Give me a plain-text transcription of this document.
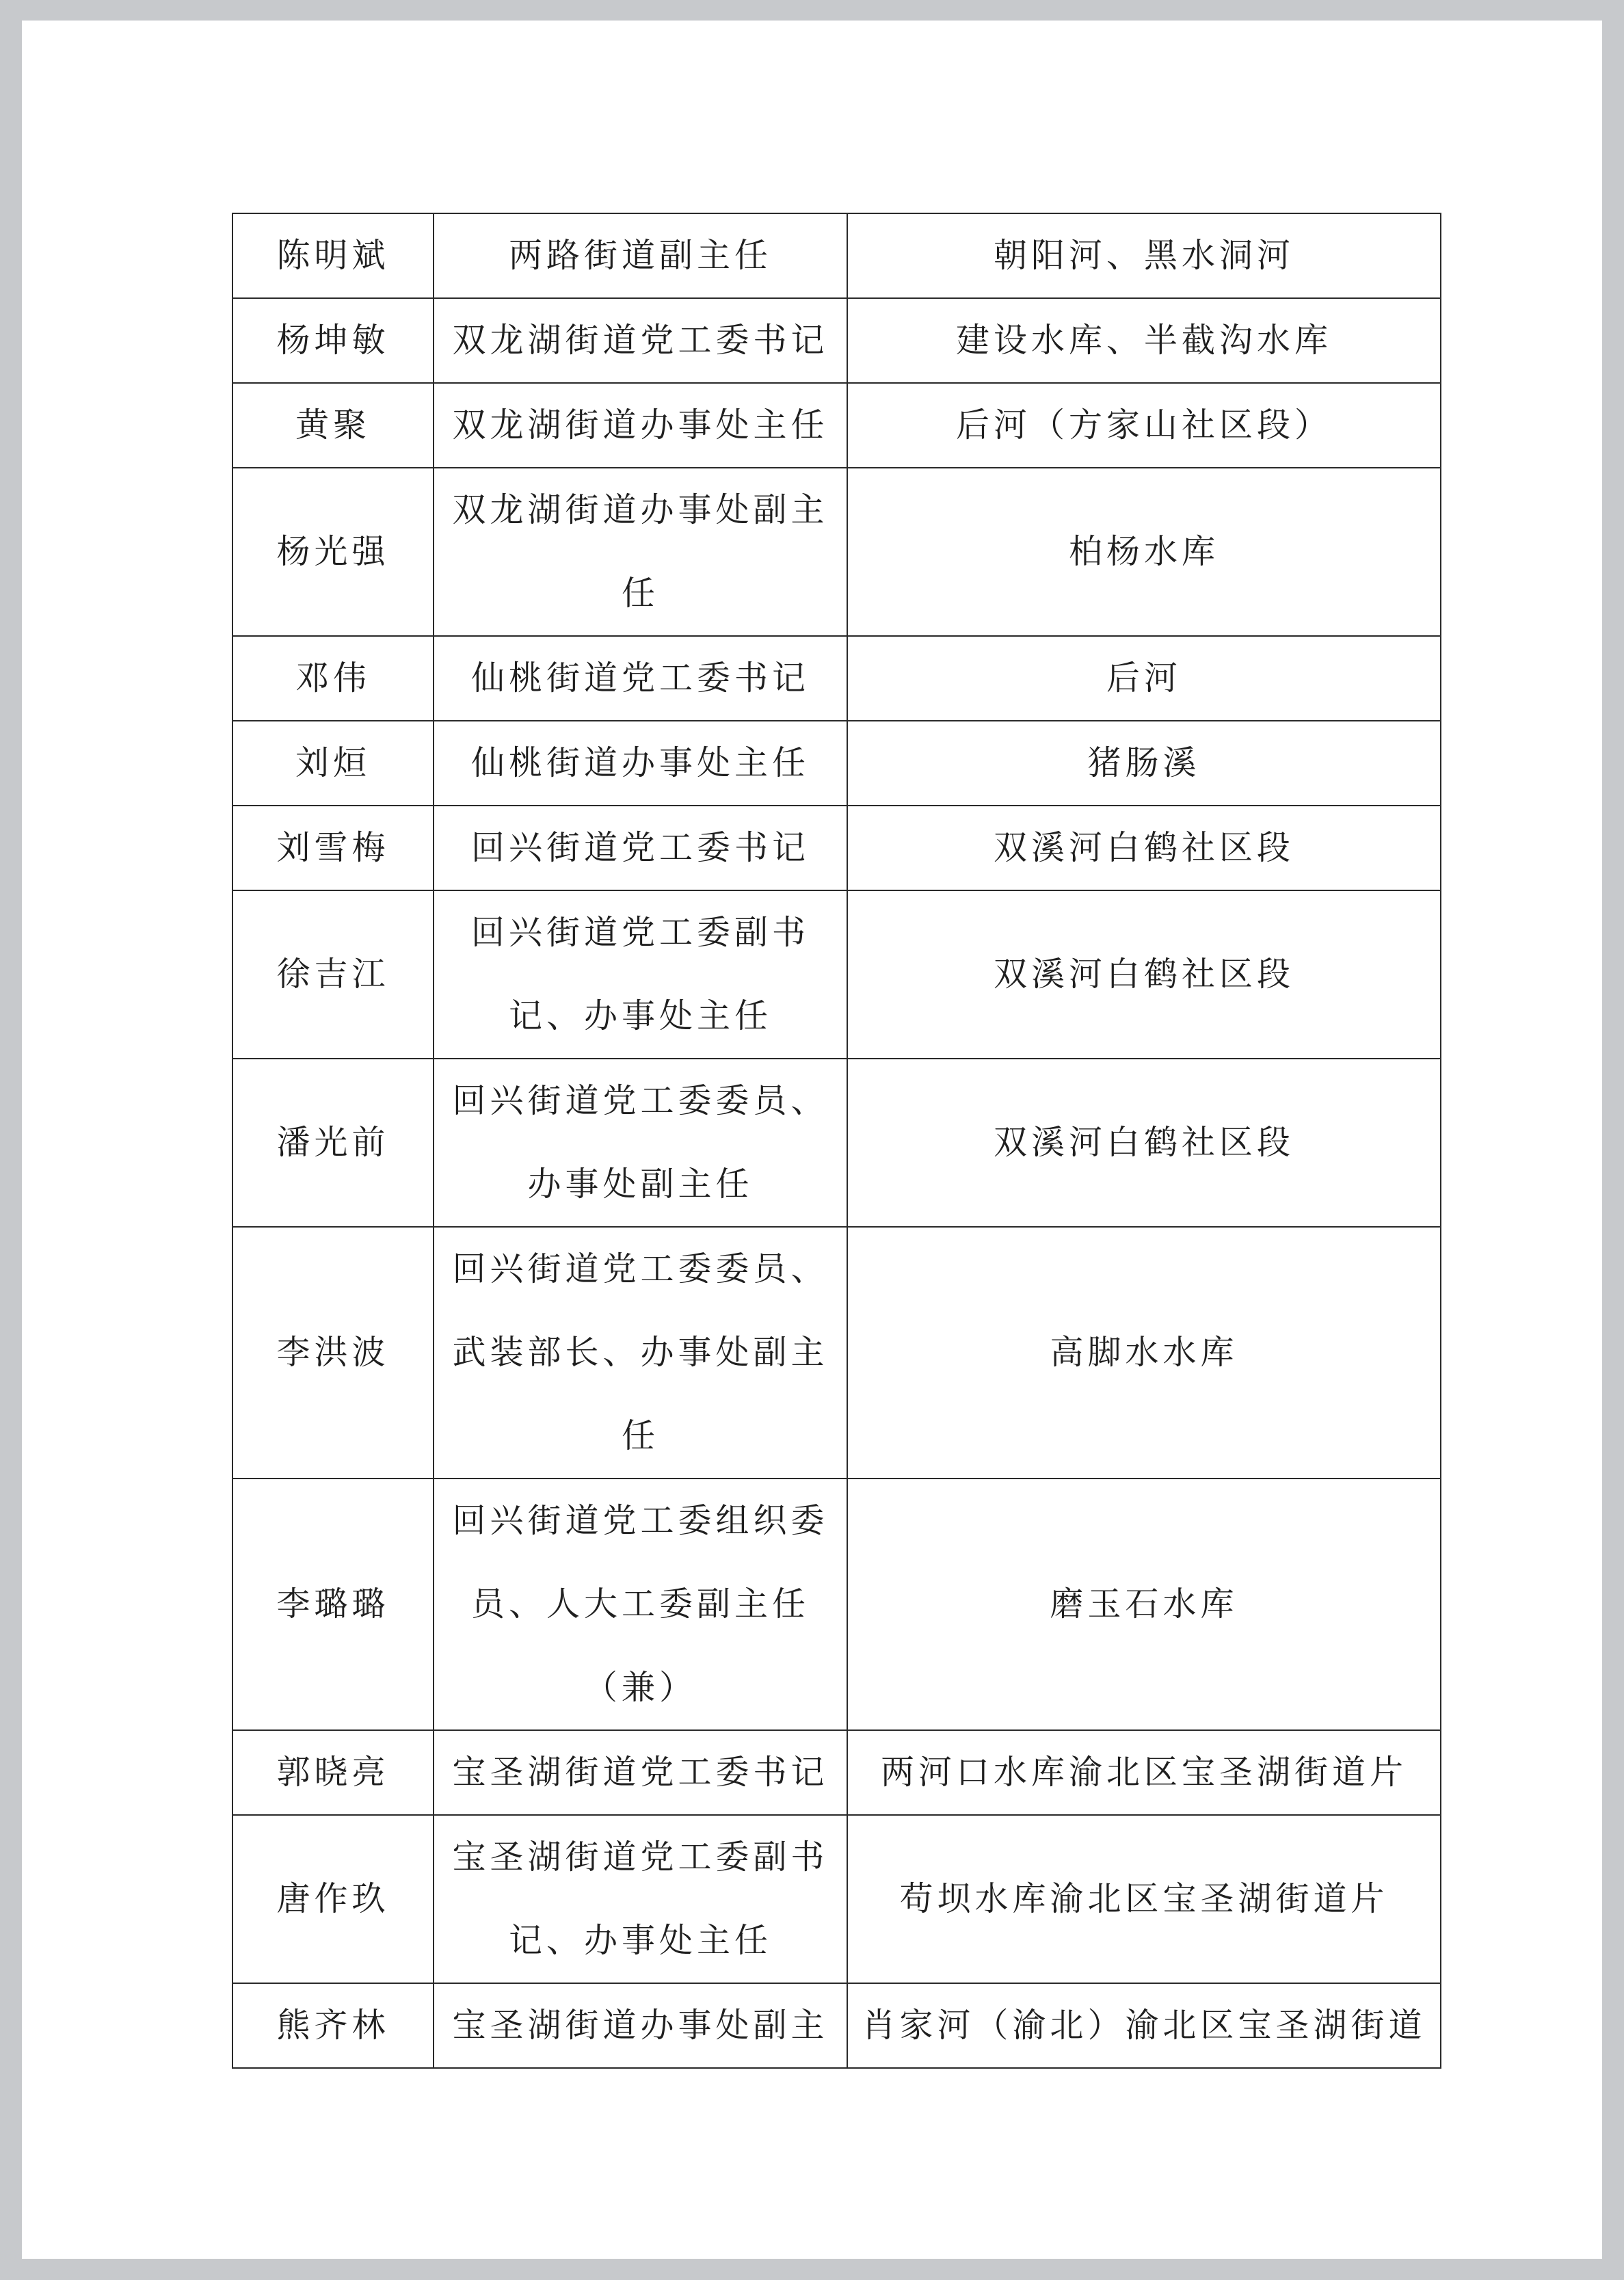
陈明斌	两路街道副主任	朝阳河、黑水洞河
杨坤敏	双龙湖街道党工委书记	建设水库、半截沟水库
黄聚	双龙湖街道办事处主任	后河（方家山社区段）
杨光强	双龙湖街道办事处副主任	柏杨水库
邓伟	仙桃街道党工委书记	后河
刘烜	仙桃街道办事处主任	猪肠溪
刘雪梅	回兴街道党工委书记	双溪河白鹤社区段
徐吉江	回兴街道党工委副书记、办事处主任	双溪河白鹤社区段
潘光前	回兴街道党工委委员、办事处副主任	双溪河白鹤社区段
李洪波	回兴街道党工委委员、武装部长、办事处副主任	高脚水水库
李璐璐	回兴街道党工委组织委员、人大工委副主任（兼）	磨玉石水库
郭晓亮	宝圣湖街道党工委书记	两河口水库渝北区宝圣湖街道片
唐作玖	宝圣湖街道党工委副书记、办事处主任	苟坝水库渝北区宝圣湖街道片
熊齐林	宝圣湖街道办事处副主	肖家河（渝北）渝北区宝圣湖街道
